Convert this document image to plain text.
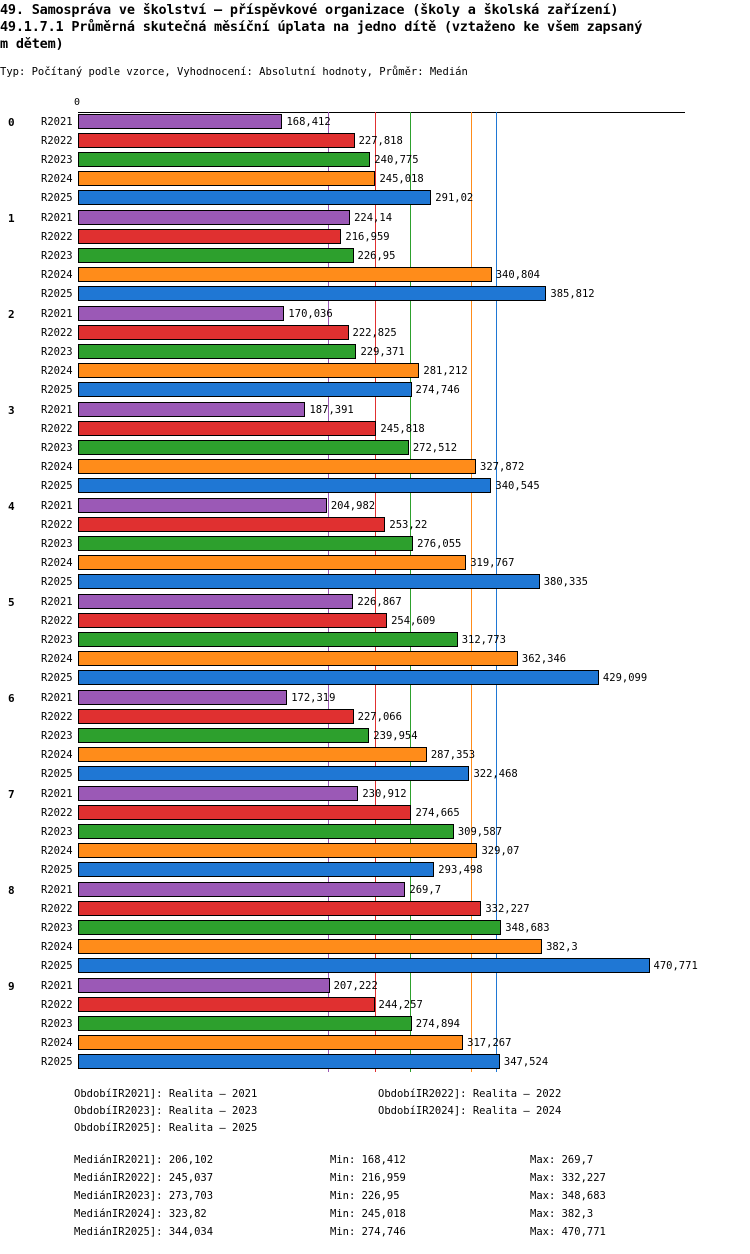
49. Samospráva ve školství – příspěvkové organizace (školy a školská zařízení)
49.1.7.1 Průměrná skutečná měsíční úplata na jedno dítě (vztaženo ke všem zapsaný
m dětem)
Typ: Počítaný podle vzorce, Vyhodnocení: Absolutní hodnoty, Průměr: Medián
0
ObdobíIR2021]: Realita – 2021	ObdobíIR2022]: Realita – 2022
ObdobíIR2023]: Realita – 2023	ObdobíIR2024]: Realita – 2024
ObdobíIR2025]: Realita – 2025
MediánIR2021]: 206,102	Min: 168,412	Max: 269,7
MediánIR2022]: 245,037	Min: 216,959	Max: 332,227
MediánIR2023]: 273,703	Min: 226,95	Max: 348,683
MediánIR2024]: 323,82	Min: 245,018	Max: 382,3
MediánIR2025]: 344,034	Min: 274,746	Max: 470,771
0	R2021	168,412
R2022	227,818
R2023	240,775
R2024	245,018
R2025	291,02
1	R2021	224,14
R2022	216,959
R2023	226,95
R2024	340,804
R2025	385,812
2	R2021	170,036
R2022	222,825
R2023	229,371
R2024	281,212
R2025	274,746
3	R2021	187,391
R2022	245,818
R2023	272,512
R2024	327,872
R2025	340,545
4	R2021	204,982
R2022	253,22
R2023	276,055
R2024	319,767
R2025	380,335
5	R2021	226,867
R2022	254,609
R2023	312,773
R2024	362,346
R2025	429,099
6	R2021	172,319
R2022	227,066
R2023	239,954
R2024	287,353
R2025	322,468
7	R2021	230,912
R2022	274,665
R2023	309,587
R2024	329,07
R2025	293,498
8	R2021	269,7
R2022	332,227
R2023	348,683
R2024	382,3
R2025	470,771
9	R2021	207,222
R2022	244,257
R2023	274,894
R2024	317,267
R2025	347,524
